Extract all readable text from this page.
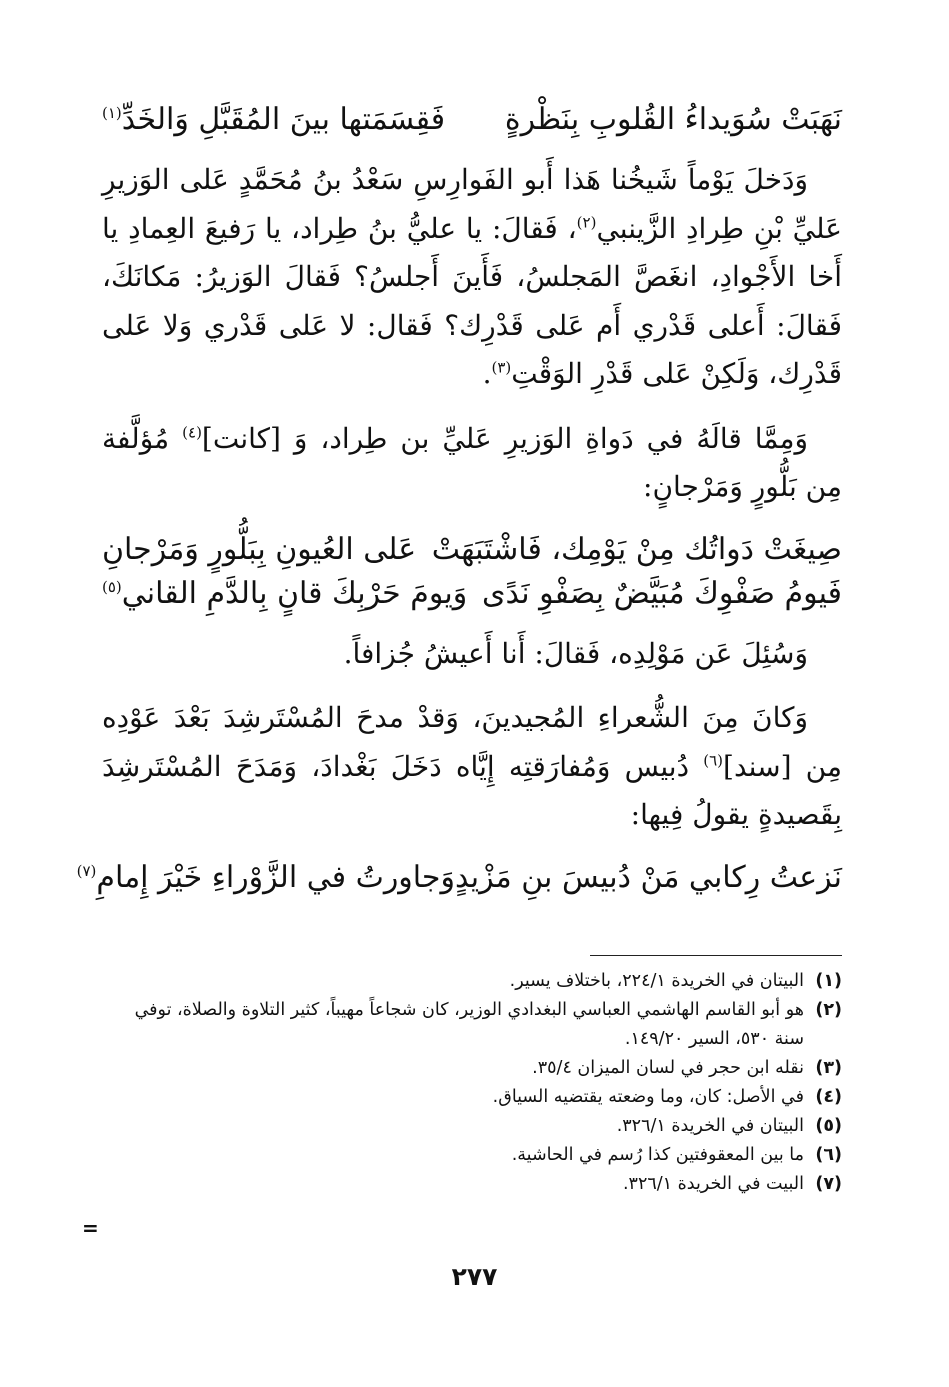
نَهَبَتْ سُوَيداءُ القُلوبِ بِنَظْرةٍ
فَقِسَمَتها بينَ المُقَبَّلِ وَالخَدِّ$^{(١)}$

وَدَخلَ يَوْماً شَيخُنا هَذا أَبو الفَوارِسِ سَعْدُ بنُ مُحَمَّدٍ عَلى الوَزيرِ عَليِّ بْنِ طِرادِ الزَّينبي$^{(٢)}$، فَقالَ: يا عليُّ بنُ طِراد، يا رَفيعَ العِمادِ يا أَخا الأَجْوادِ، انغَصَّ المَجلسُ، فَأَينَ أَجلسُ؟ فَقالَ الوَزيرُ: مَكانَكَ، فَقالَ: أَعلى قَدْري أَم عَلى قَدْرِك؟ فَقال: لا عَلى قَدْري وَلا عَلى قَدْرِك، وَلَكِنْ عَلى قَدْرِ الوَقْتِ$^{(٣)}$.

وَمِمَّا قالَهُ في دَواةِ الوَزيرِ عَليِّ بن طِراد، وَ [كانت]$^{(٤)}$ مُؤلَّفة مِن بَلُّورٍ وَمَرْجانٍ:

صِيغَتْ دَواتُك مِنْ يَوْمِك، فَاشْتَبَهَتْ
عَلى العُيونِ بِبَلُّورٍ وَمَرْجانِ

فَيومُ صَفْوِكَ مُبَيَّضٌ بِصَفْوِ نَدًى
وَيومَ حَرْبِكَ قانٍ بِالدَّمِ القاني$^{(٥)}$

وَسُئِلَ عَن مَوْلِدِه، فَقالَ: أَنا أَعيشُ جُزافاً.

وَكانَ مِنَ الشُّعراءِ المُجيدينَ، وَقدْ مدحَ المُسْتَرشِدَ بَعْدَ عَوْدِه مِن [سند]$^{(٦)}$ دُبيس وَمُفارَقتِه إِيَّاه دَخَلَ بَغْدادَ، وَمَدَحَ المُسْتَرشِدَ بِقَصيدةٍ يقولُ فِيها:

نَزعتُ رِكابي مَنْ دُبيسَ بنِ مَزْيدٍ
وَجاورتُ في الزَّوْراءِ خَيْرَ إِمامِ$^{(٧)}$

(١)
البيتان في الخريدة ٢٢٤/١، باختلاف يسير.
(٢)
هو أبو القاسم الهاشمي العباسي البغدادي الوزير، كان شجاعاً مهيباً، كثير التلاوة والصلاة، توفي سنة ٥٣٠، السير ١٤٩/٢٠.
(٣)
نقله ابن حجر في لسان الميزان ٣٥/٤.
(٤)
في الأصل: كان، وما وضعته يقتضيه السياق.
(٥)
البيتان في الخريدة ٣٢٦/١.
(٦)
ما بين المعقوفتين كذا رُسم في الحاشية.
(٧)
البيت في الخريدة ٣٢٦/١.
=
٢٧٧
